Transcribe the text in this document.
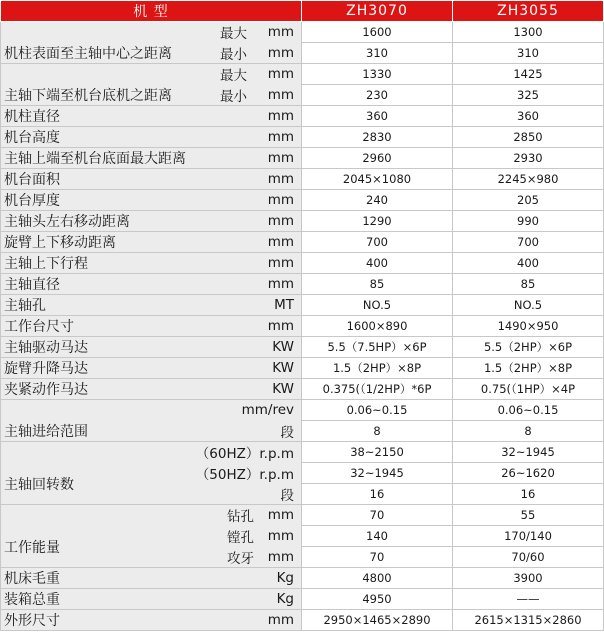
机 型	ZH3070	ZH3055

机柱表面至主轴中心之距离
最大 mm	1600	1300

最小 mm	310	310

主轴下端至机台底机之距离
最大 mm	1330	1425

最小 mm	230	325

机柱直径 mm	360	360

机台高度 mm	2830	2850

主轴上端至机台底面最大距离 mm	2960	2930

机台面积 mm	2045×1080	2245×980

机台厚度 mm	240	205

主轴头左右移动距离 mm	1290	990

旋臂上下移动距离 mm	700	700

主轴上下行程 mm	400	400

主轴直径 mm	85	85

主轴孔 MT	NO.5	NO.5

工作台尺寸 mm	1600×890	1490×950

主轴驱动马达 KW	5.5（7.5HP）×6P	5.5（2HP）×6P

旋臂升降马达 KW	1.5（2HP）×8P	1.5（2HP）×8P

夹紧动作马达 KW	0.375(（1/2HP）*6P	0.75(（1HP）×4P

主轴进给范围
mm/rev	0.06~0.15	0.06~0.15

段	8	8

主轴回转数
（60HZ）r.p.m	38~2150	32~1945

（50HZ）r.p.m	32~1945	26~1620

段	16	16

工作能量
钻孔 mm	70	55

镗孔 mm	140	170/140

攻牙 mm	70	70/60

机床毛重 Kg	4800	3900

装箱总重 Kg	4950	——

外形尺寸 mm	2950×1465×2890	2615×1315×2860
